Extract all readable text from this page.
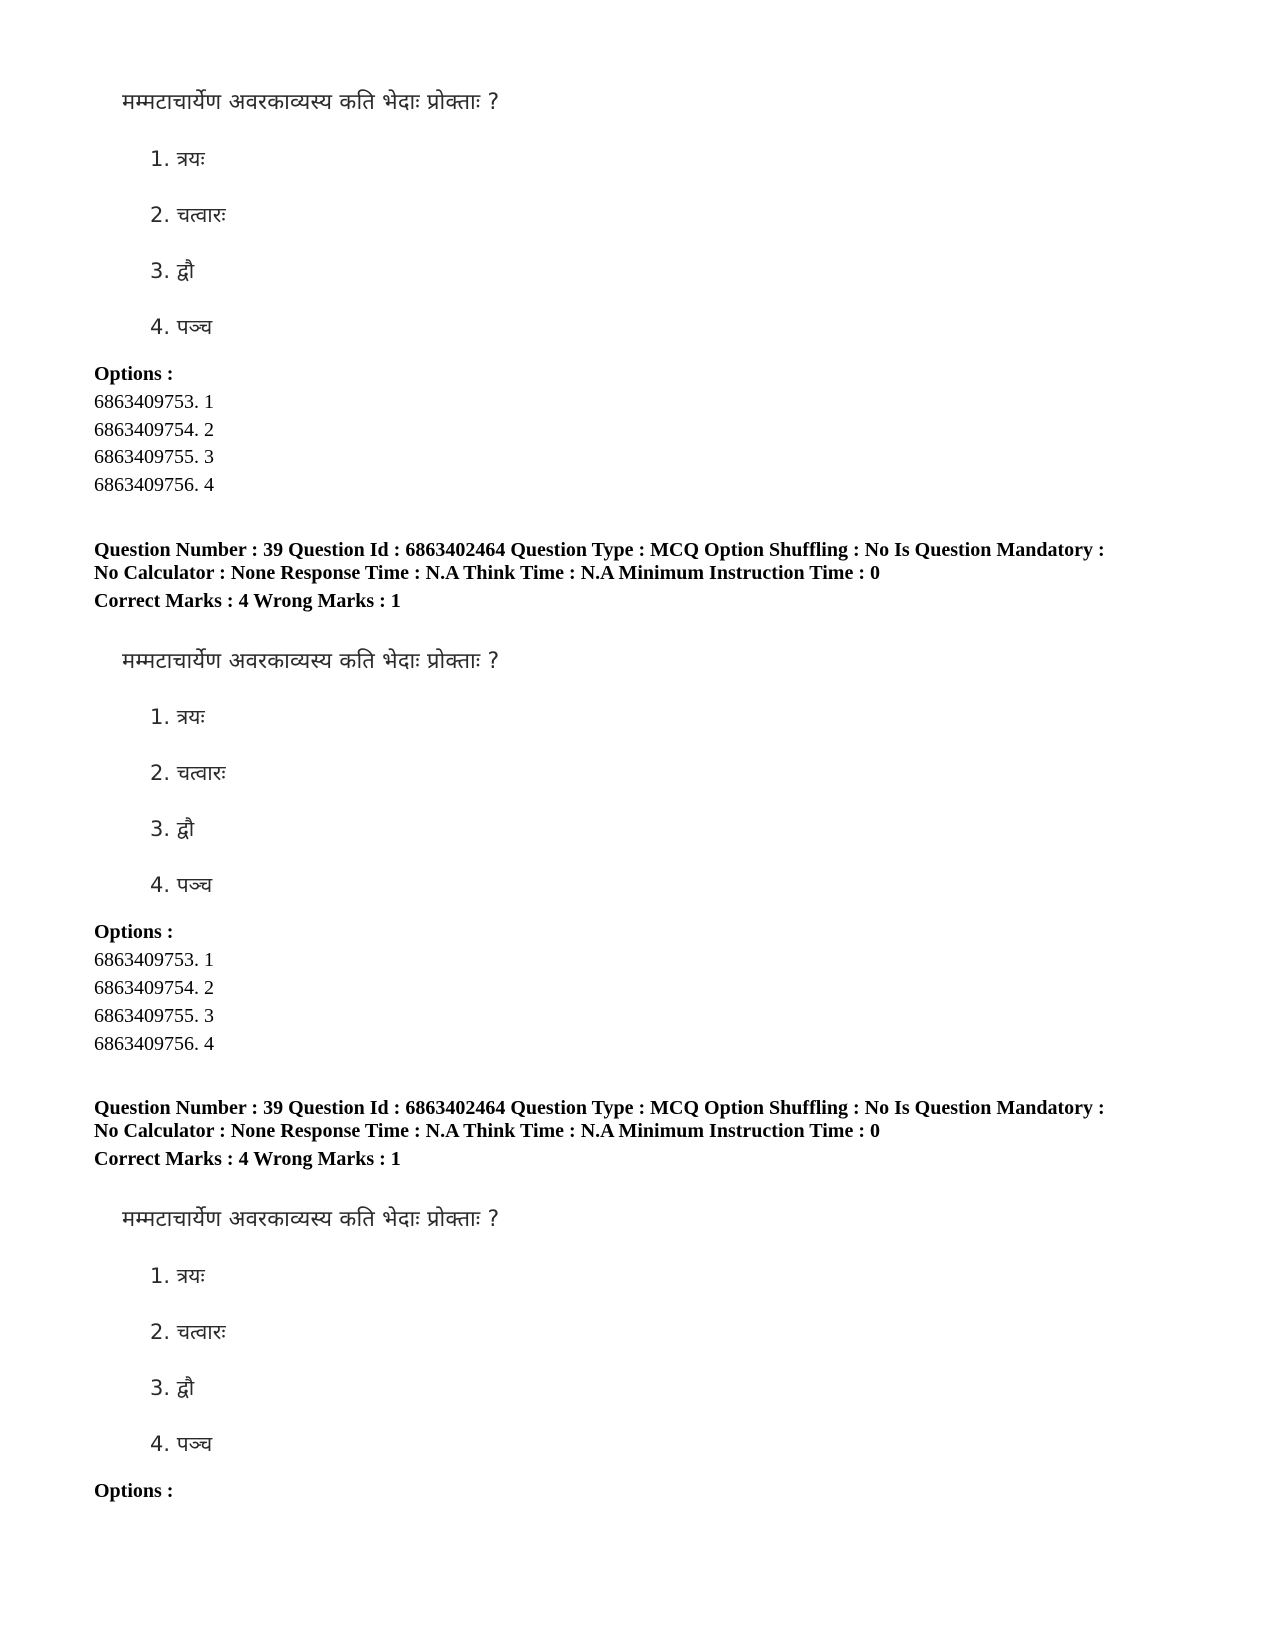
मम्मटाचार्येण अवरकाव्यस्य कति भेदाः प्रोक्ताः ?
1. त्रयः
2. चत्वारः
3. द्वौ
4. पञ्च
Options :
6863409753. 1
6863409754. 2
6863409755. 3
6863409756. 4
Question Number : 39 Question Id : 6863402464 Question Type : MCQ Option Shuffling : No Is Question Mandatory :
No Calculator : None Response Time : N.A Think Time : N.A Minimum Instruction Time : 0
Correct Marks : 4 Wrong Marks : 1
मम्मटाचार्येण अवरकाव्यस्य कति भेदाः प्रोक्ताः ?
1. त्रयः
2. चत्वारः
3. द्वौ
4. पञ्च
Options :
6863409753. 1
6863409754. 2
6863409755. 3
6863409756. 4
Question Number : 39 Question Id : 6863402464 Question Type : MCQ Option Shuffling : No Is Question Mandatory :
No Calculator : None Response Time : N.A Think Time : N.A Minimum Instruction Time : 0
Correct Marks : 4 Wrong Marks : 1
मम्मटाचार्येण अवरकाव्यस्य कति भेदाः प्रोक्ताः ?
1. त्रयः
2. चत्वारः
3. द्वौ
4. पञ्च
Options :
